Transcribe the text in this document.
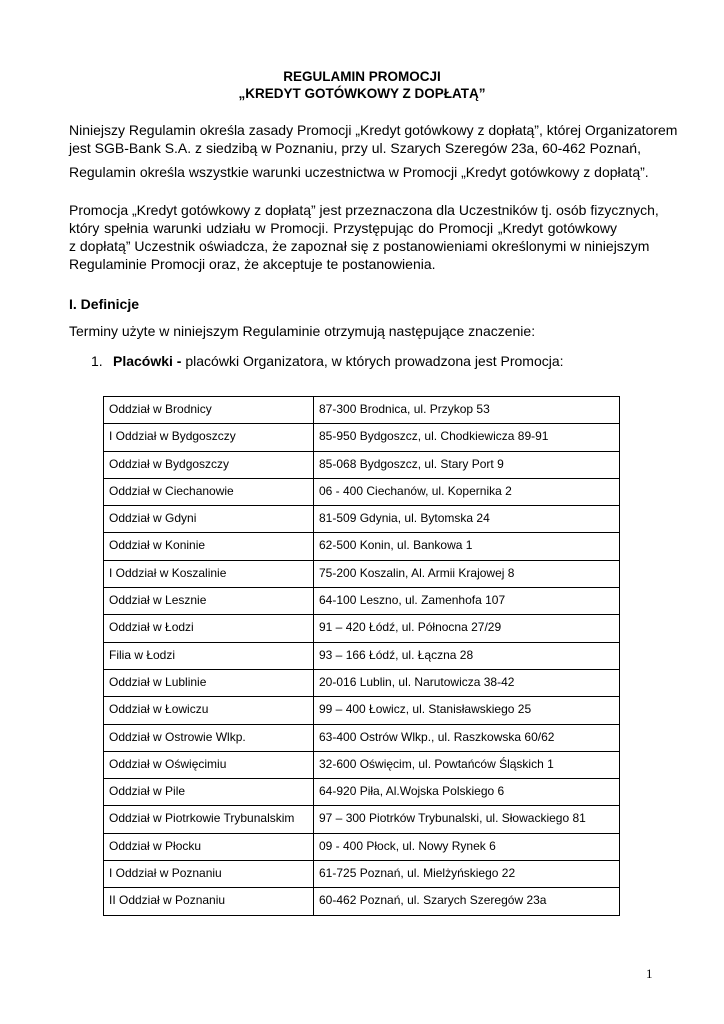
REGULAMIN PROMOCJI
„KREDYT GOTÓWKOWY Z DOPŁATĄ”
Niniejszy Regulamin określa zasady Promocji „Kredyt gotówkowy z dopłatą”, której Organizatorem
jest SGB-Bank S.A. z siedzibą w Poznaniu, przy ul. Szarych Szeregów 23a, 60-462 Poznań,
Regulamin określa wszystkie warunki uczestnictwa w Promocji „Kredyt gotówkowy z dopłatą”.
Promocja „Kredyt gotówkowy z dopłatą” jest przeznaczona dla Uczestników tj. osób fizycznych,
który spełnia warunki udziału w Promocji. Przystępując do Promocji „Kredyt gotówkowy
z dopłatą” Uczestnik oświadcza, że zapoznał się z postanowieniami określonymi w niniejszym
Regulaminie Promocji oraz, że akceptuje te postanowienia.
I. Definicje
Terminy użyte w niniejszym Regulaminie otrzymują następujące znaczenie:
1. Placówki - placówki Organizatora, w których prowadzona jest Promocja:
Oddział w Brodnicy	87-300 Brodnica, ul. Przykop 53
I Oddział w Bydgoszczy	85-950 Bydgoszcz, ul. Chodkiewicza 89-91
Oddział w Bydgoszczy	85-068 Bydgoszcz, ul. Stary Port 9
Oddział w Ciechanowie	06 - 400 Ciechanów, ul. Kopernika 2
Oddział w Gdyni	81-509 Gdynia, ul. Bytomska 24
Oddział w Koninie	62-500 Konin, ul. Bankowa 1
I Oddział w Koszalinie	75-200 Koszalin, Al. Armii Krajowej 8
Oddział w Lesznie	64-100 Leszno, ul. Zamenhofa 107
Oddział w Łodzi	91 – 420 Łódź, ul. Północna 27/29
Filia w Łodzi	93 – 166 Łódź, ul. Łączna 28
Oddział w Lublinie	20-016 Lublin, ul. Narutowicza 38-42
Oddział w Łowiczu	99 – 400 Łowicz, ul. Stanisławskiego 25
Oddział w Ostrowie Wlkp.	63-400 Ostrów Wlkp., ul. Raszkowska 60/62
Oddział w Oświęcimiu	32-600 Oświęcim, ul. Powtańców Śląskich 1
Oddział w Pile	64-920 Piła, Al.Wojska Polskiego 6
Oddział w Piotrkowie Trybunalskim	97 – 300 Piotrków Trybunalski, ul. Słowackiego 81
Oddział w Płocku	09 - 400 Płock, ul. Nowy Rynek 6
I Oddział w Poznaniu	61-725 Poznań, ul. Mielżyńskiego 22
II Oddział w Poznaniu	60-462 Poznań, ul. Szarych Szeregów 23a
1
